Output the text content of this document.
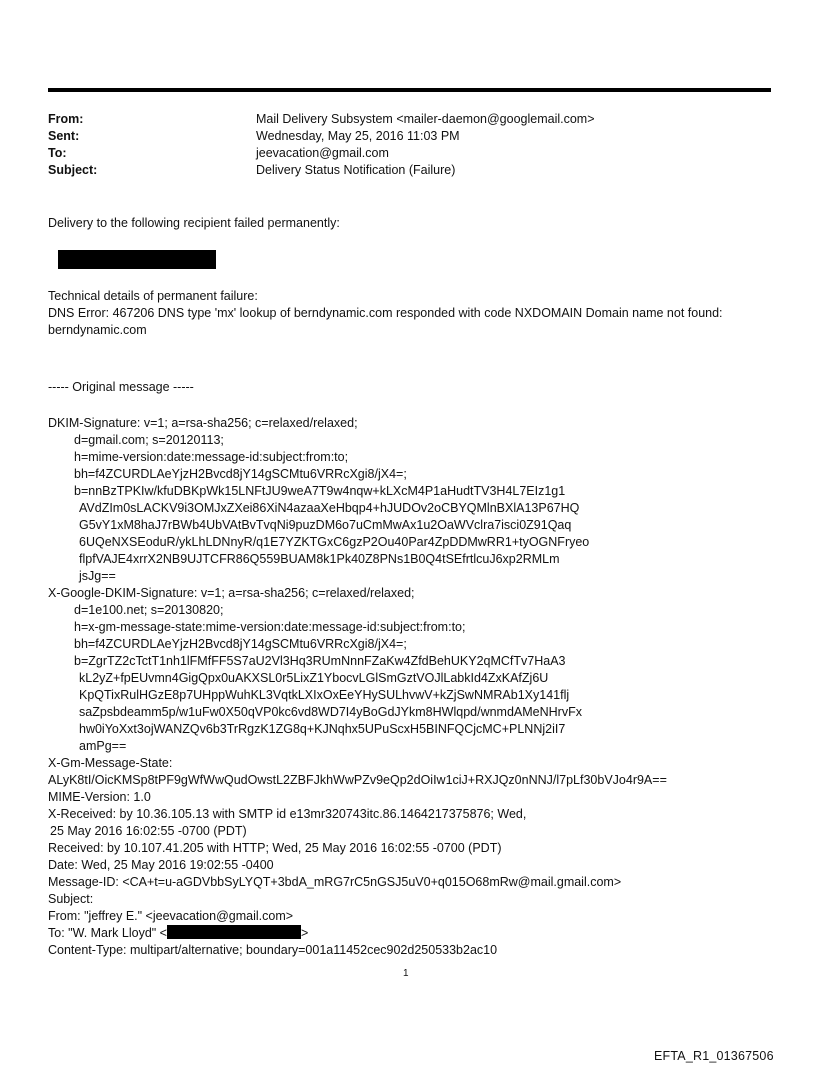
From:	Mail Delivery Subsystem <mailer-daemon@googlemail.com>
Sent:	Wednesday, May 25, 2016 11:03 PM
To:	jeevacation@gmail.com
Subject:	Delivery Status Notification (Failure)
Delivery to the following recipient failed permanently:
Technical details of permanent failure:
DNS Error: 467206 DNS type 'mx' lookup of berndynamic.com responded with code NXDOMAIN Domain name not found: berndynamic.com
----- Original message -----
DKIM-Signature: v=1; a=rsa-sha256; c=relaxed/relaxed;
d=gmail.com; s=20120113;
h=mime-version:date:message-id:subject:from:to;
bh=f4ZCURDLAeYjzH2Bvcd8jY14gSCMtu6VRRcXgi8/jX4=;
b=nnBzTPKIw/kfuDBKpWk15LNFtJU9weA7T9w4nqw+kLXcM4P1aHudtTV3H4L7EIz1g1
AVdZIm0sLACKV9i3OMJxZXei86XiN4azaaXeHbqp4+hJUDOv2oCBYQMlnBXlA13P67HQ
G5vY1xM8haJ7rBWb4UbVAtBvTvqNi9puzDM6o7uCmMwAx1u2OaWVclra7isci0Z91Qaq
6UQeNXSEoduR/ykLhLDNnyR/q1E7YZKTGxC6gzP2Ou40Par4ZpDDMwRR1+tyOGNFryeo
flpfVAJE4xrrX2NB9UJTCFR86Q559BUAM8k1Pk40Z8PNs1B0Q4tSEfrtlcuJ6xp2RMLm
jsJg==
X-Google-DKIM-Signature: v=1; a=rsa-sha256; c=relaxed/relaxed;
d=1e100.net; s=20130820;
h=x-gm-message-state:mime-version:date:message-id:subject:from:to;
bh=f4ZCURDLAeYjzH2Bvcd8jY14gSCMtu6VRRcXgi8/jX4=;
b=ZgrTZ2cTctT1nh1lFMfFF5S7aU2Vl3Hq3RUmNnnFZaKw4ZfdBehUKY2qMCfTv7HaA3
kL2yZ+fpEUvmn4GigQpx0uAKXSL0r5LixZ1YbocvLGlSmGztVOJlLabkId4ZxKAfZj6U
KpQTixRulHGzE8p7UHppWuhKL3VqtkLXIxOxEeYHySULhvwV+kZjSwNMRAb1Xy141flj
saZpsbdeamm5p/w1uFw0X50qVP0kc6vd8WD7I4yBoGdJYkm8HWlqpd/wnmdAMeNHrvFx
hw0iYoXxt3ojWANZQv6b3TrRgzK1ZG8q+KJNqhx5UPuScxH5BINFQCjcMC+PLNNj2iI7
amPg==
X-Gm-Message-State:
ALyK8tI/OicKMSp8tPF9gWfWwQudOwstL2ZBFJkhWwPZv9eQp2dOiIw1ciJ+RXJQz0nNNJ/l7pLf30bVJo4r9A==
MIME-Version: 1.0
X-Received: by 10.36.105.13 with SMTP id e13mr320743itc.86.1464217375876; Wed,
25 May 2016 16:02:55 -0700 (PDT)
Received: by 10.107.41.205 with HTTP; Wed, 25 May 2016 16:02:55 -0700 (PDT)
Date: Wed, 25 May 2016 19:02:55 -0400
Message-ID: <CA+t=u-aGDVbbSyLYQT+3bdA_mRG7rC5nGSJ5uV0+q015O68mRw@mail.gmail.com>
Subject:
From: "jeffrey E." <jeevacation@gmail.com>
To: "W. Mark Lloyd" <	>
Content-Type: multipart/alternative; boundary=001a11452cec902d250533b2ac10
1
EFTA_R1_01367506
